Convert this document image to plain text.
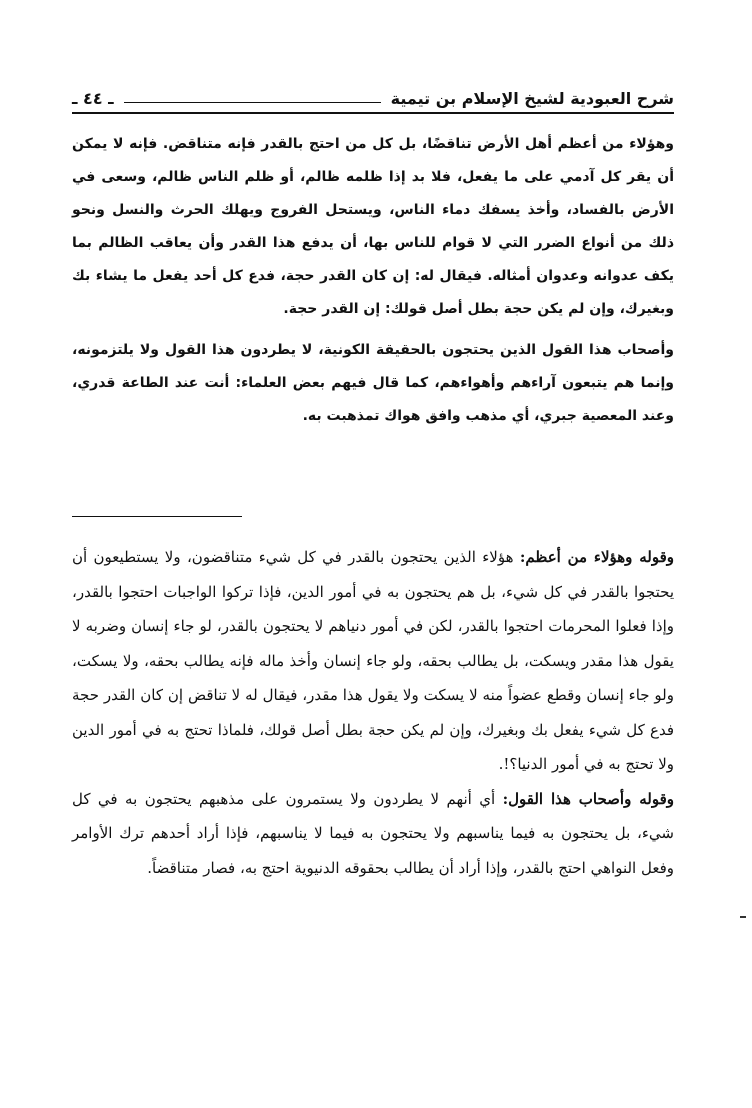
شرح العبودية لشيخ الإسلام بن تيمية
ـ ٤٤ ـ

وهؤلاء من أعظم أهل الأرض تناقضًا، بل كل من احتج بالقدر فإنه متناقض. فإنه لا يمكن أن يقر كل آدمي على ما يفعل، فلا بد إذا ظلمه ظالم، أو ظلم الناس ظالم، وسعى في الأرض بالفساد، وأخذ يسفك دماء الناس، ويستحل الفروج ويهلك الحرث والنسل ونحو ذلك من أنواع الضرر التي لا قوام للناس بها، أن يدفع هذا القدر وأن يعاقب الظالم بما يكف عدوانه وعدوان أمثاله. فيقال له: إن كان القدر حجة، فدع كل أحد يفعل ما يشاء بك وبغيرك، وإن لم يكن حجة بطل أصل قولك: إن القدر حجة.

وأصحاب هذا القول الذين يحتجون بالحقيقة الكونية، لا يطردون هذا القول ولا يلتزمونه، وإنما هم يتبعون آراءهم وأهواءهم، كما قال فيهم بعض العلماء: أنت عند الطاعة قدري، وعند المعصية جبري، أي مذهب وافق هواك تمذهبت به.

وقوله وهؤلاء من أعظم: هؤلاء الذين يحتجون بالقدر في كل شيء متناقضون، ولا يستطيعون أن يحتجوا بالقدر في كل شيء، بل هم يحتجون به في أمور الدين، فإذا تركوا الواجبات احتجوا بالقدر، وإذا فعلوا المحرمات احتجوا بالقدر، لكن في أمور دنياهم لا يحتجون بالقدر، لو جاء إنسان وضربه لا يقول هذا مقدر ويسكت، بل يطالب بحقه، ولو جاء إنسان وأخذ ماله فإنه يطالب بحقه، ولا يسكت، ولو جاء إنسان وقطع عضواً منه لا يسكت ولا يقول هذا مقدر، فيقال له لا تناقض إن كان القدر حجة فدع كل شيء يفعل بك وبغيرك، وإن لم يكن حجة بطل أصل قولك، فلماذا تحتج به في أمور الدين ولا تحتج به في أمور الدنيا؟!.

وقوله وأصحاب هذا القول: أي أنهم لا يطردون ولا يستمرون على مذهبهم يحتجون به في كل شيء، بل يحتجون به فيما يناسبهم ولا يحتجون به فيما لا يناسبهم، فإذا أراد أحدهم ترك الأوامر وفعل النواهي احتج بالقدر، وإذا أراد أن يطالب بحقوقه الدنيوية احتج به، فصار متناقضاً.
